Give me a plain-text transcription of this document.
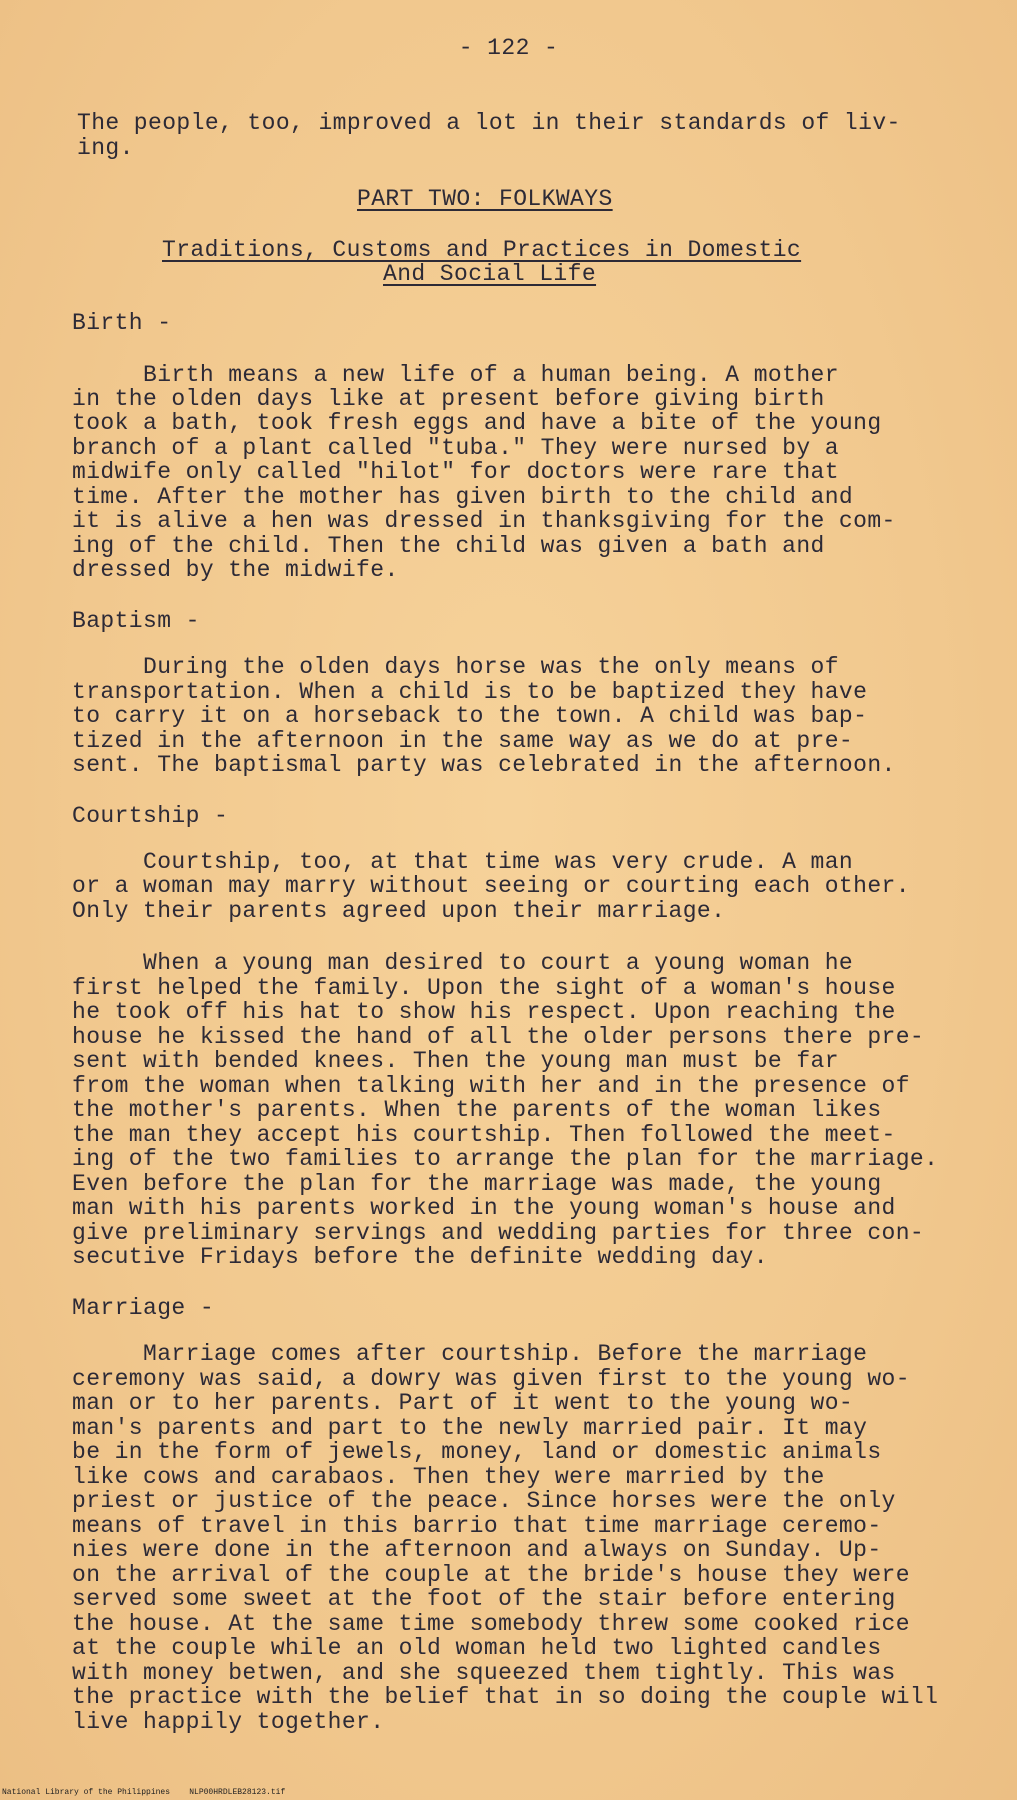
- 122 -
The people, too, improved a lot in their standards of liv-
ing.
PART TWO: FOLKWAYS
Traditions, Customs and Practices in Domestic
And Social Life
Birth -
Birth means a new life of a human being. A mother
in the olden days like at present before giving birth
took a bath, took fresh eggs and have a bite of the young
branch of a plant called "tuba." They were nursed by a
midwife only called "hilot" for doctors were rare that
time. After the mother has given birth to the child and
it is alive a hen was dressed in thanksgiving for the com-
ing of the child. Then the child was given a bath and
dressed by the midwife.
Baptism -
During the olden days horse was the only means of
transportation. When a child is to be baptized they have
to carry it on a horseback to the town. A child was bap-
tized in the afternoon in the same way as we do at pre-
sent. The baptismal party was celebrated in the afternoon.
Courtship -
Courtship, too, at that time was very crude. A man
or a woman may marry without seeing or courting each other.
Only their parents agreed upon their marriage.
When a young man desired to court a young woman he
first helped the family. Upon the sight of a woman's house
he took off his hat to show his respect. Upon reaching the
house he kissed the hand of all the older persons there pre-
sent with bended knees. Then the young man must be far
from the woman when talking with her and in the presence of
the mother's parents. When the parents of the woman likes
the man they accept his courtship. Then followed the meet-
ing of the two families to arrange the plan for the marriage.
Even before the plan for the marriage was made, the young
man with his parents worked in the young woman's house and
give preliminary servings and wedding parties for three con-
secutive Fridays before the definite wedding day.
Marriage -
Marriage comes after courtship. Before the marriage
ceremony was said, a dowry was given first to the young wo-
man or to her parents. Part of it went to the young wo-
man's parents and part to the newly married pair. It may
be in the form of jewels, money, land or domestic animals
like cows and carabaos. Then they were married by the
priest or justice of the peace. Since horses were the only
means of travel in this barrio that time marriage ceremo-
nies were done in the afternoon and always on Sunday. Up-
on the arrival of the couple at the bride's house they were
served some sweet at the foot of the stair before entering
the house. At the same time somebody threw some cooked rice
at the couple while an old woman held two lighted candles
with money betwen, and she squeezed them tightly. This was
the practice with the belief that in so doing the couple will
live happily together.
National Library of the Philippines    NLP00HRDLEB28123.tif
